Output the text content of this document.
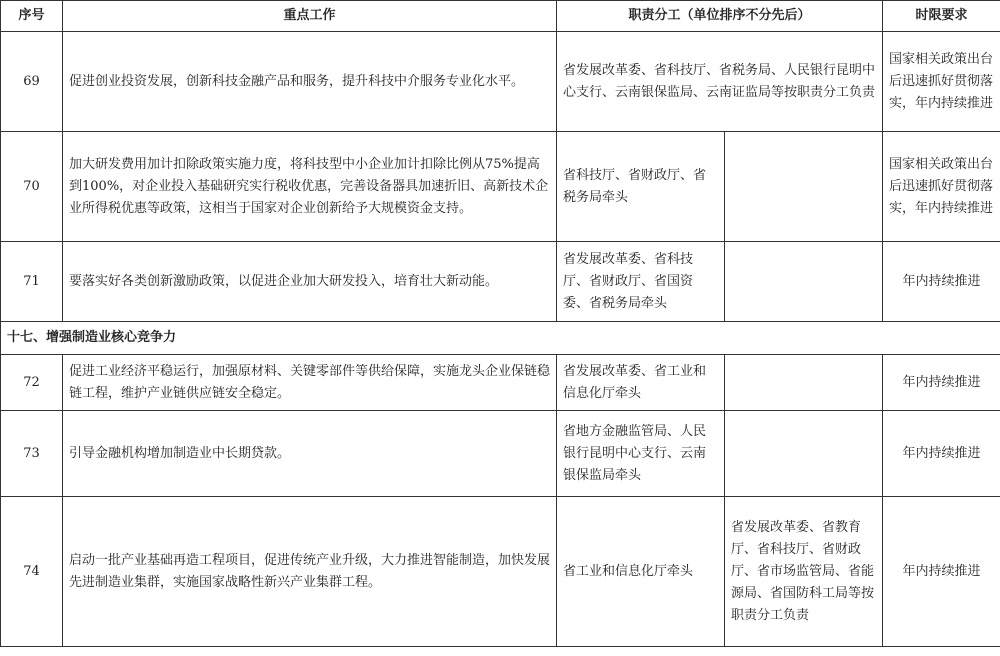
序号	重点工作	职责分工（单位排序不分先后）		时限要求
69	促进创业投资发展，创新科技金融产品和服务，提升科技中介服务专业化水平。	省发展改革委、省科技厅、省税务局、人民银行昆明中心支行、云南银保监局、云南证监局等按职责分工负责		国家相关政策出台后迅速抓好贯彻落实，年内持续推进
70	加大研发费用加计扣除政策实施力度，将科技型中小企业加计扣除比例从75%提高到100%，对企业投入基础研究实行税收优惠，完善设备器具加速折旧、高新技术企业所得税优惠等政策，这相当于国家对企业创新给予大规模资金支持。	省科技厅、省财政厅、省税务局牵头		国家相关政策出台后迅速抓好贯彻落实，年内持续推进
71	要落实好各类创新激励政策，以促进企业加大研发投入，培育壮大新动能。	省发展改革委、省科技厅、省财政厅、省国资委、省税务局牵头		年内持续推进
十七、增强制造业核心竞争力				
72	促进工业经济平稳运行，加强原材料、关键零部件等供给保障，实施龙头企业保链稳链工程，维护产业链供应链安全稳定。	省发展改革委、省工业和信息化厅牵头		年内持续推进
73	引导金融机构增加制造业中长期贷款。	省地方金融监管局、人民银行昆明中心支行、云南银保监局牵头		年内持续推进
74	启动一批产业基础再造工程项目，促进传统产业升级，大力推进智能制造，加快发展先进制造业集群，实施国家战略性新兴产业集群工程。	省工业和信息化厅牵头	省发展改革委、省教育厅、省科技厅、省财政厅、省市场监管局、省能源局、省国防科工局等按职责分工负责	年内持续推进
